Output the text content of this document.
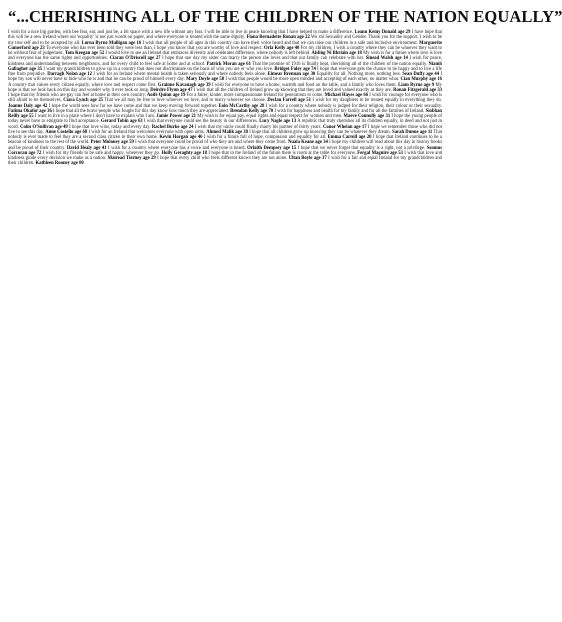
“...CHERISHING ALL OF THE CHILDREN OF THE NATION EQUALLY”

I wish for a nice big garden, with bee fear, eat, and just be, a bit space with a new life without any fear. I will be able to live in peace knowing that I have helped to make a difference. Leann Kemy Donald age 29 I have hope that this will be a new Ireland where our 'equality' is not just words on paper, and where everyone is treated with the same dignity. Fiona Bernadette Ronan age 22 Wo shi Sexuality and Gender. Thank you for the support, I wish to be my true self and to be accepted by all. Lorna Byrne Mulligan age 16 I wish that all people of all ages in this country can have their voice heard and that we can raise our children in a safe and inclusive environment. Marguerite Cumerford age 23 To everyone who has ever been told they were less than, I hope you know that you are worthy of love and respect. Orla Kelly age 40 For my children, I wish a country where they can be whoever they want to be without fear of judgement. Tom Keegan age 52 I would love to see an Ireland that embraces diversity and celebrates difference, where nobody is left behind. Aisling Ni Bhriain age 18 My wish is for a future where love is love and everyone has the same rights and opportunities. Ciaran O'Driscoll age 27 I hope that one day my sister can marry the person she loves and that our family can celebrate with her. Sinead Walsh age 14 I wish for peace, kindness and understanding between neighbours, and for every child to feel safe at home and at school. Patrick Moran age 61 That the promise of 1916 is finally kept, cherishing all of the children of the nation equally. Niamh Gallagher age 35 I want my grandchildren to grow up in a country that does not discriminate on the basis of who you are or who you love. Bridget Foley age 74 I hope that everyone gets the chance to be happy and to live a life free from prejudice. Darragh Nolan age 12 I wish for an Ireland where mental health is taken seriously and where nobody feels alone. Eimear Brennan age 30 Equality for all. Nothing more, nothing less. Sean Duffy age 44 I hope my son will never have to hide who he is and that he can be proud of himself every day. Mary Doyle age 58 I wish that people would be more open minded and accepting of each other, no matter what. Cian Murphy age 16 A country that values every citizen equally, where love and respect come first. Grainne Kavanagh age 39 I wish for everyone to have a home, warmth and food on the table, and a family who loves them. Liam Byrne age 9 My hope is that we look back on this day and wonder why it ever took so long. Deirdre Flynn age 47 I wish that all the children of Ireland grow up knowing that they are loved and valued exactly as they are. Ronan Fitzgerald age 33 I hope that my friends who are gay can feel at home in their own country. Aoife Quinn age 19 For a fairer, kinder, more compassionate Ireland for generations to come. Michael Hayes age 66 I wish for courage for everyone who is still afraid to be themselves. Ciara Lynch age 25 That we all may be free to love whoever we love, and to marry whoever we choose. Declan Farrell age 51 I wish for my daughters to be treated equally in everything they do. Joanne Daly age 42 I hope the world sees how far we have come and that we keep moving forward together. Eoin McCarthy age 28 I wish for a country where nobody is judged for their religion, their colour or their sexuality. Fatima Okafor age 36 I hope that all the brave people who fought for this day know how much they are appreciated. Brendan Kelly age 70 I wish for happiness and health for my family and for all the families of Ireland. Siobhan Reilly age 55 I want to live in a place where I don't have to explain who I am. Jamie Power age 21 My wish is for equal pay, equal rights and equal respect for women and men. Maeve Connolly age 31 I hope the young people of today never have to emigrate to find acceptance. Gerard Tobin age 63 I wish that everyone could see the beauty in our differences. Lucy Nagle age 13 A republic that truly cherishes all its children equally, in deed and not just in word. Colm O'Sullivan age 49 I hope that love wins, today and every day. Rachel Burke age 24 I wish that my uncle could finally marry his partner of thirty years. Conor Whelan age 17 I hope we remember those who did not live to see this day. Anne Costello age 68 I wish for an Ireland that welcomes everyone with open arms. Ahmed Malik age 38 I hope that all children grow up knowing they can be whatever they dream. Sarah Dunne age 11 That nobody is ever made to feel they are a second class citizen in their own home. Kevin Horgan age 46 I wish for a future full of hope, compassion and equality for all. Emma Carroll age 20 I hope that Ireland continues to be a beacon of kindness to the rest of the world. Peter Moloney age 59 I wish that everyone could be proud of who they are and where they come from. Nuala Keane age 34 I hope my children will read about this day in history books and be proud of their country. David Healy age 41 I wish for a country where everyone has a voice and everyone is heard. Orlaith Dempsey age 15 I hope that we never forget that equality is a right, not a privilege. Seamus Corcoran age 72 I wish for my friends to be safe and happy, wherever they go. Holly Geraghty age 18 I hope that in the Ireland of the future there is room at the table for everyone. Fergal Maguire age 53 I wish that love and kindness guide every decision we make as a nation. Mairead Tierney age 29 I hope that every child who feels different knows they are not alone. Ultan Boyle age 37 I wish for a fair and equal Ireland for my grandchildren and their children. Kathleen Rooney age 80
